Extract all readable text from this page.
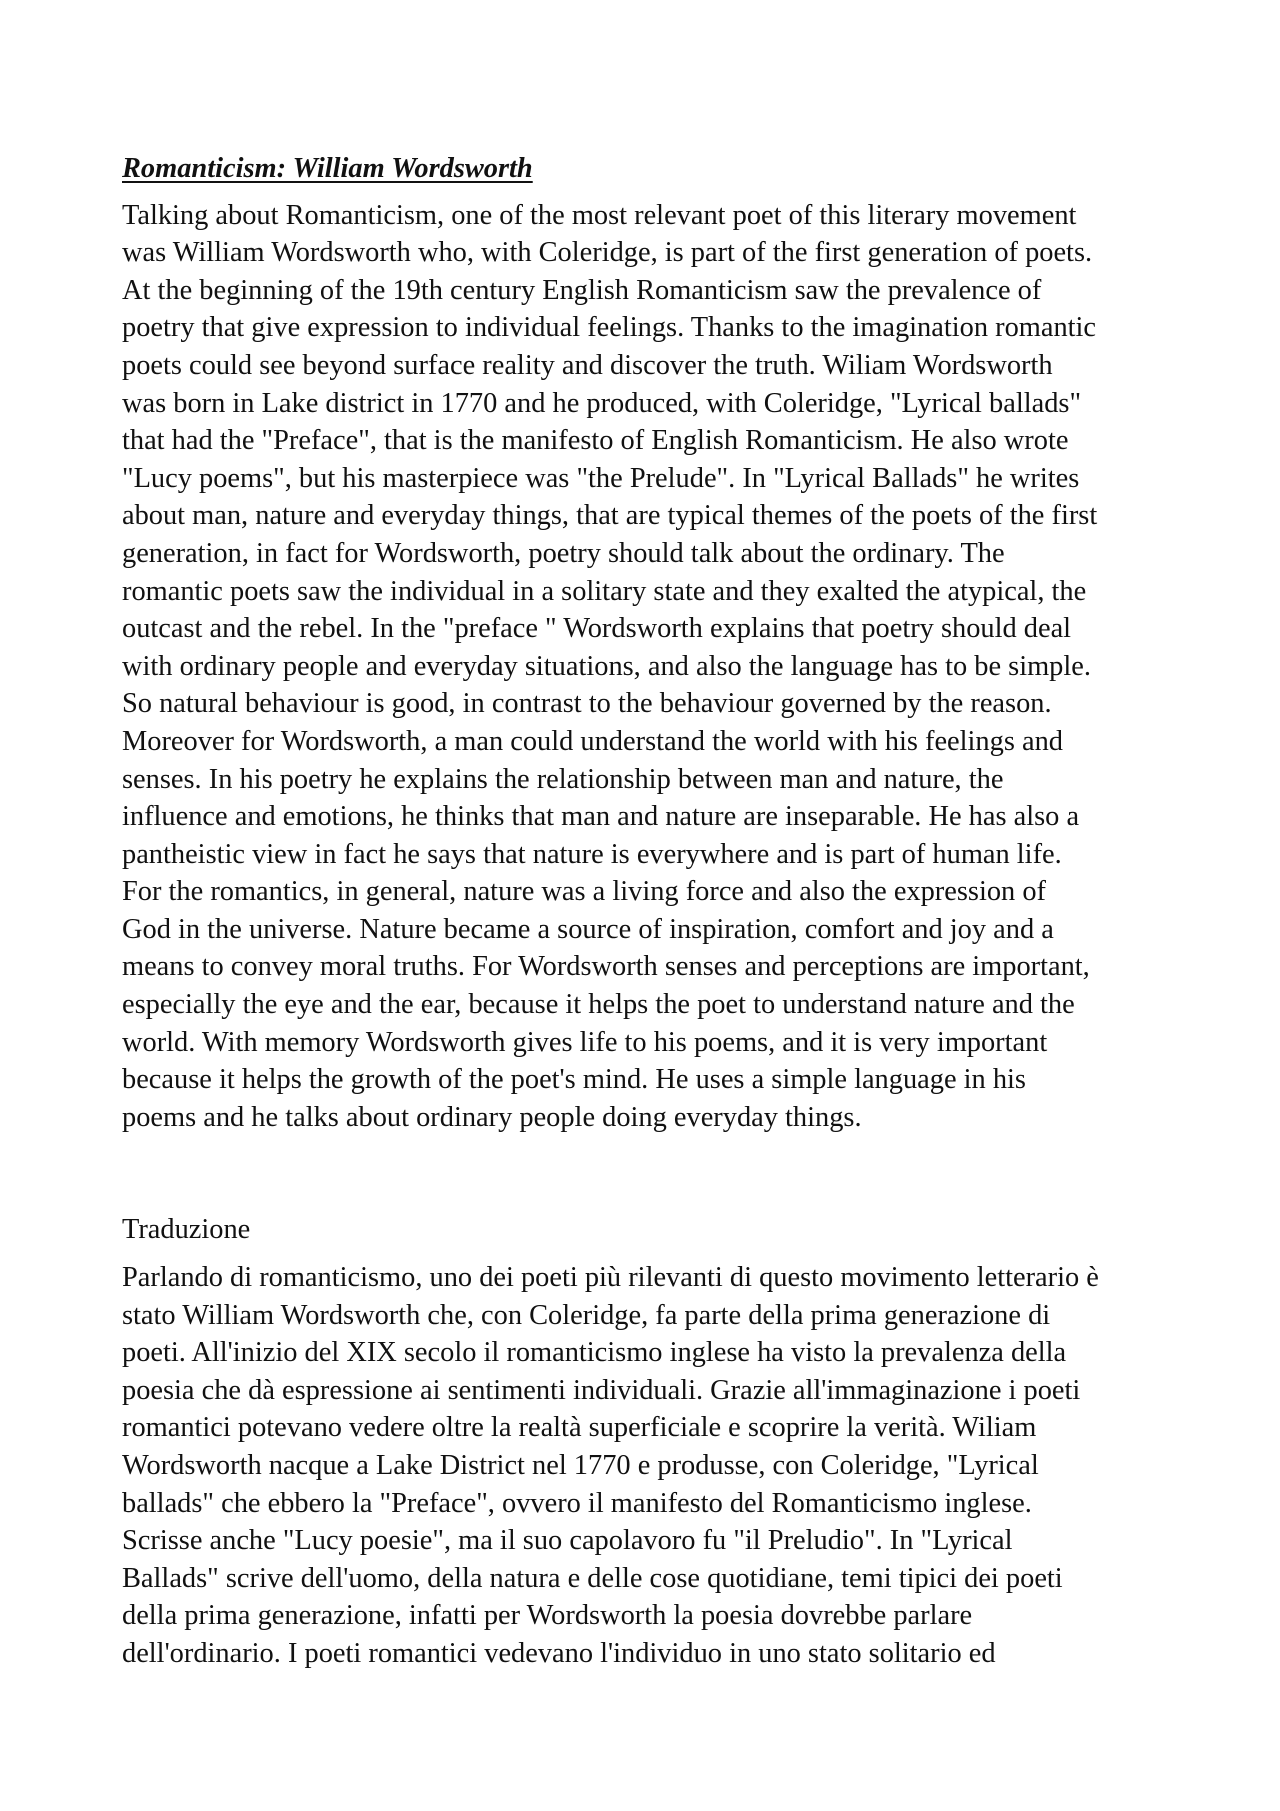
Romanticism: William Wordsworth

Talking about Romanticism, one of the most relevant poet of this literary movement
was William Wordsworth who, with Coleridge, is part of the first generation of poets.
At the beginning of the 19th century English Romanticism saw the prevalence of
poetry that give expression to individual feelings. Thanks to the imagination romantic
poets could see beyond surface reality and discover the truth. Wiliam Wordsworth
was born in Lake district in 1770 and he produced, with Coleridge, "Lyrical ballads"
that had the "Preface", that is the manifesto of English Romanticism. He also wrote
"Lucy poems", but his masterpiece was "the Prelude". In "Lyrical Ballads" he writes
about man, nature and everyday things, that are typical themes of the poets of the first
generation, in fact for Wordsworth, poetry should talk about the ordinary. The
romantic poets saw the individual in a solitary state and they exalted the atypical, the
outcast and the rebel. In the "preface " Wordsworth explains that poetry should deal
with ordinary people and everyday situations, and also the language has to be simple.
So natural behaviour is good, in contrast to the behaviour governed by the reason.
Moreover for Wordsworth, a man could understand the world with his feelings and
senses. In his poetry he explains the relationship between man and nature, the
influence and emotions, he thinks that man and nature are inseparable. He has also a
pantheistic view in fact he says that nature is everywhere and is part of human life.
For the romantics, in general, nature was a living force and also the expression of
God in the universe. Nature became a source of inspiration, comfort and joy and a
means to convey moral truths. For Wordsworth senses and perceptions are important,
especially the eye and the ear, because it helps the poet to understand nature and the
world. With memory Wordsworth gives life to his poems, and it is very important
because it helps the growth of the poet's mind. He uses a simple language in his
poems and he talks about ordinary people doing everyday things.

Traduzione

Parlando di romanticismo, uno dei poeti più rilevanti di questo movimento letterario è
stato William Wordsworth che, con Coleridge, fa parte della prima generazione di
poeti. All'inizio del XIX secolo il romanticismo inglese ha visto la prevalenza della
poesia che dà espressione ai sentimenti individuali. Grazie all'immaginazione i poeti
romantici potevano vedere oltre la realtà superficiale e scoprire la verità. Wiliam
Wordsworth nacque a Lake District nel 1770 e produsse, con Coleridge, "Lyrical
ballads" che ebbero la "Preface", ovvero il manifesto del Romanticismo inglese.
Scrisse anche "Lucy poesie", ma il suo capolavoro fu "il Preludio". In "Lyrical
Ballads" scrive dell'uomo, della natura e delle cose quotidiane, temi tipici dei poeti
della prima generazione, infatti per Wordsworth la poesia dovrebbe parlare
dell'ordinario. I poeti romantici vedevano l'individuo in uno stato solitario ed
